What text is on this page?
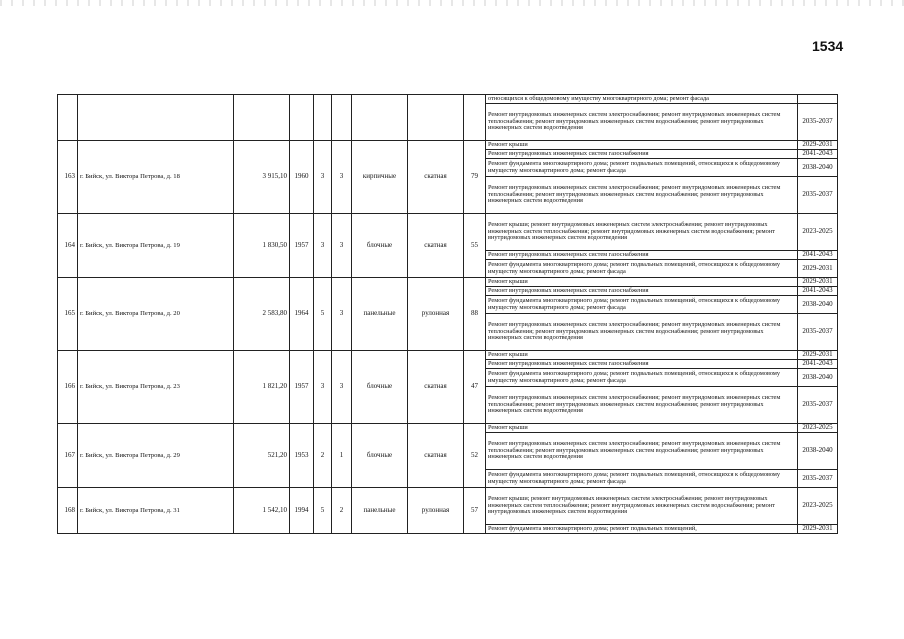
1534
									относящихся к общедомовому имуществу многоквартирного дома; ремонт фасада	
									Ремонт внутридомовых инженерных систем электроснабжения; ремонт внутридомовых инженерных систем теплоснабжения; ремонт внутридомовых инженерных систем водоснабжения; ремонт внутридомовых инженерных систем водоотведения	2035-2037
163	г. Бийск, ул. Виктора Петрова, д. 18	3 915,10	1960	3	3	кирпичные	скатная	79	Ремонт крыши	2029-2031
									Ремонт внутридомовых инженерных систем газоснабжения	2041-2043
									Ремонт фундамента многоквартирного дома; ремонт подвальных помещений, относящихся к общедомовому имуществу многоквартирного дома; ремонт фасада	2038-2040
									Ремонт внутридомовых инженерных систем электроснабжения; ремонт внутридомовых инженерных систем теплоснабжения; ремонт внутридомовых инженерных систем водоснабжения; ремонт внутридомовых инженерных систем водоотведения	2035-2037
164	г. Бийск, ул. Виктора Петрова, д. 19	1 830,50	1957	3	3	блочные	скатная	55	Ремонт крыши; ремонт внутридомовых инженерных систем электроснабжения; ремонт внутридомовых инженерных систем теплоснабжения; ремонт внутридомовых инженерных систем водоснабжения; ремонт внутридомовых инженерных систем водоотведения	2023-2025
									Ремонт внутридомовых инженерных систем газоснабжения	2041-2043
									Ремонт фундамента многоквартирного дома; ремонт подвальных помещений, относящихся к общедомовому имуществу многоквартирного дома; ремонт фасада	2029-2031
165	г. Бийск, ул. Виктора Петрова, д. 20	2 583,80	1964	5	3	панельные	рулонная	88	Ремонт крыши	2029-2031
									Ремонт внутридомовых инженерных систем газоснабжения	2041-2043
									Ремонт фундамента многоквартирного дома; ремонт подвальных помещений, относящихся к общедомовому имуществу многоквартирного дома; ремонт фасада	2038-2040
									Ремонт внутридомовых инженерных систем электроснабжения; ремонт внутридомовых инженерных систем теплоснабжения; ремонт внутридомовых инженерных систем водоснабжения; ремонт внутридомовых инженерных систем водоотведения	2035-2037
166	г. Бийск, ул. Виктора Петрова, д. 23	1 821,20	1957	3	3	блочные	скатная	47	Ремонт крыши	2029-2031
									Ремонт внутридомовых инженерных систем газоснабжения	2041-2043
									Ремонт фундамента многоквартирного дома; ремонт подвальных помещений, относящихся к общедомовому имуществу многоквартирного дома; ремонт фасада	2038-2040
									Ремонт внутридомовых инженерных систем электроснабжения; ремонт внутридомовых инженерных систем теплоснабжения; ремонт внутридомовых инженерных систем водоснабжения; ремонт внутридомовых инженерных систем водоотведения	2035-2037
167	г. Бийск, ул. Виктора Петрова, д. 29	521,20	1953	2	1	блочные	скатная	52	Ремонт крыши	2023-2025
									Ремонт внутридомовых инженерных систем электроснабжения; ремонт внутридомовых инженерных систем теплоснабжения; ремонт внутридомовых инженерных систем водоснабжения; ремонт внутридомовых инженерных систем водоотведения	2038-2040
									Ремонт фундамента многоквартирного дома; ремонт подвальных помещений, относящихся к общедомовому имуществу многоквартирного дома; ремонт фасада	2035-2037
168	г. Бийск, ул. Виктора Петрова, д. 31	1 542,10	1994	5	2	панельные	рулонная	57	Ремонт крыши; ремонт внутридомовых инженерных систем электроснабжения; ремонт внутридомовых инженерных систем теплоснабжения; ремонт внутридомовых инженерных систем водоснабжения; ремонт внутридомовых инженерных систем водоотведения	2023-2025
									Ремонт фундамента многоквартирного дома; ремонт подвальных помещений,	2029-2031
